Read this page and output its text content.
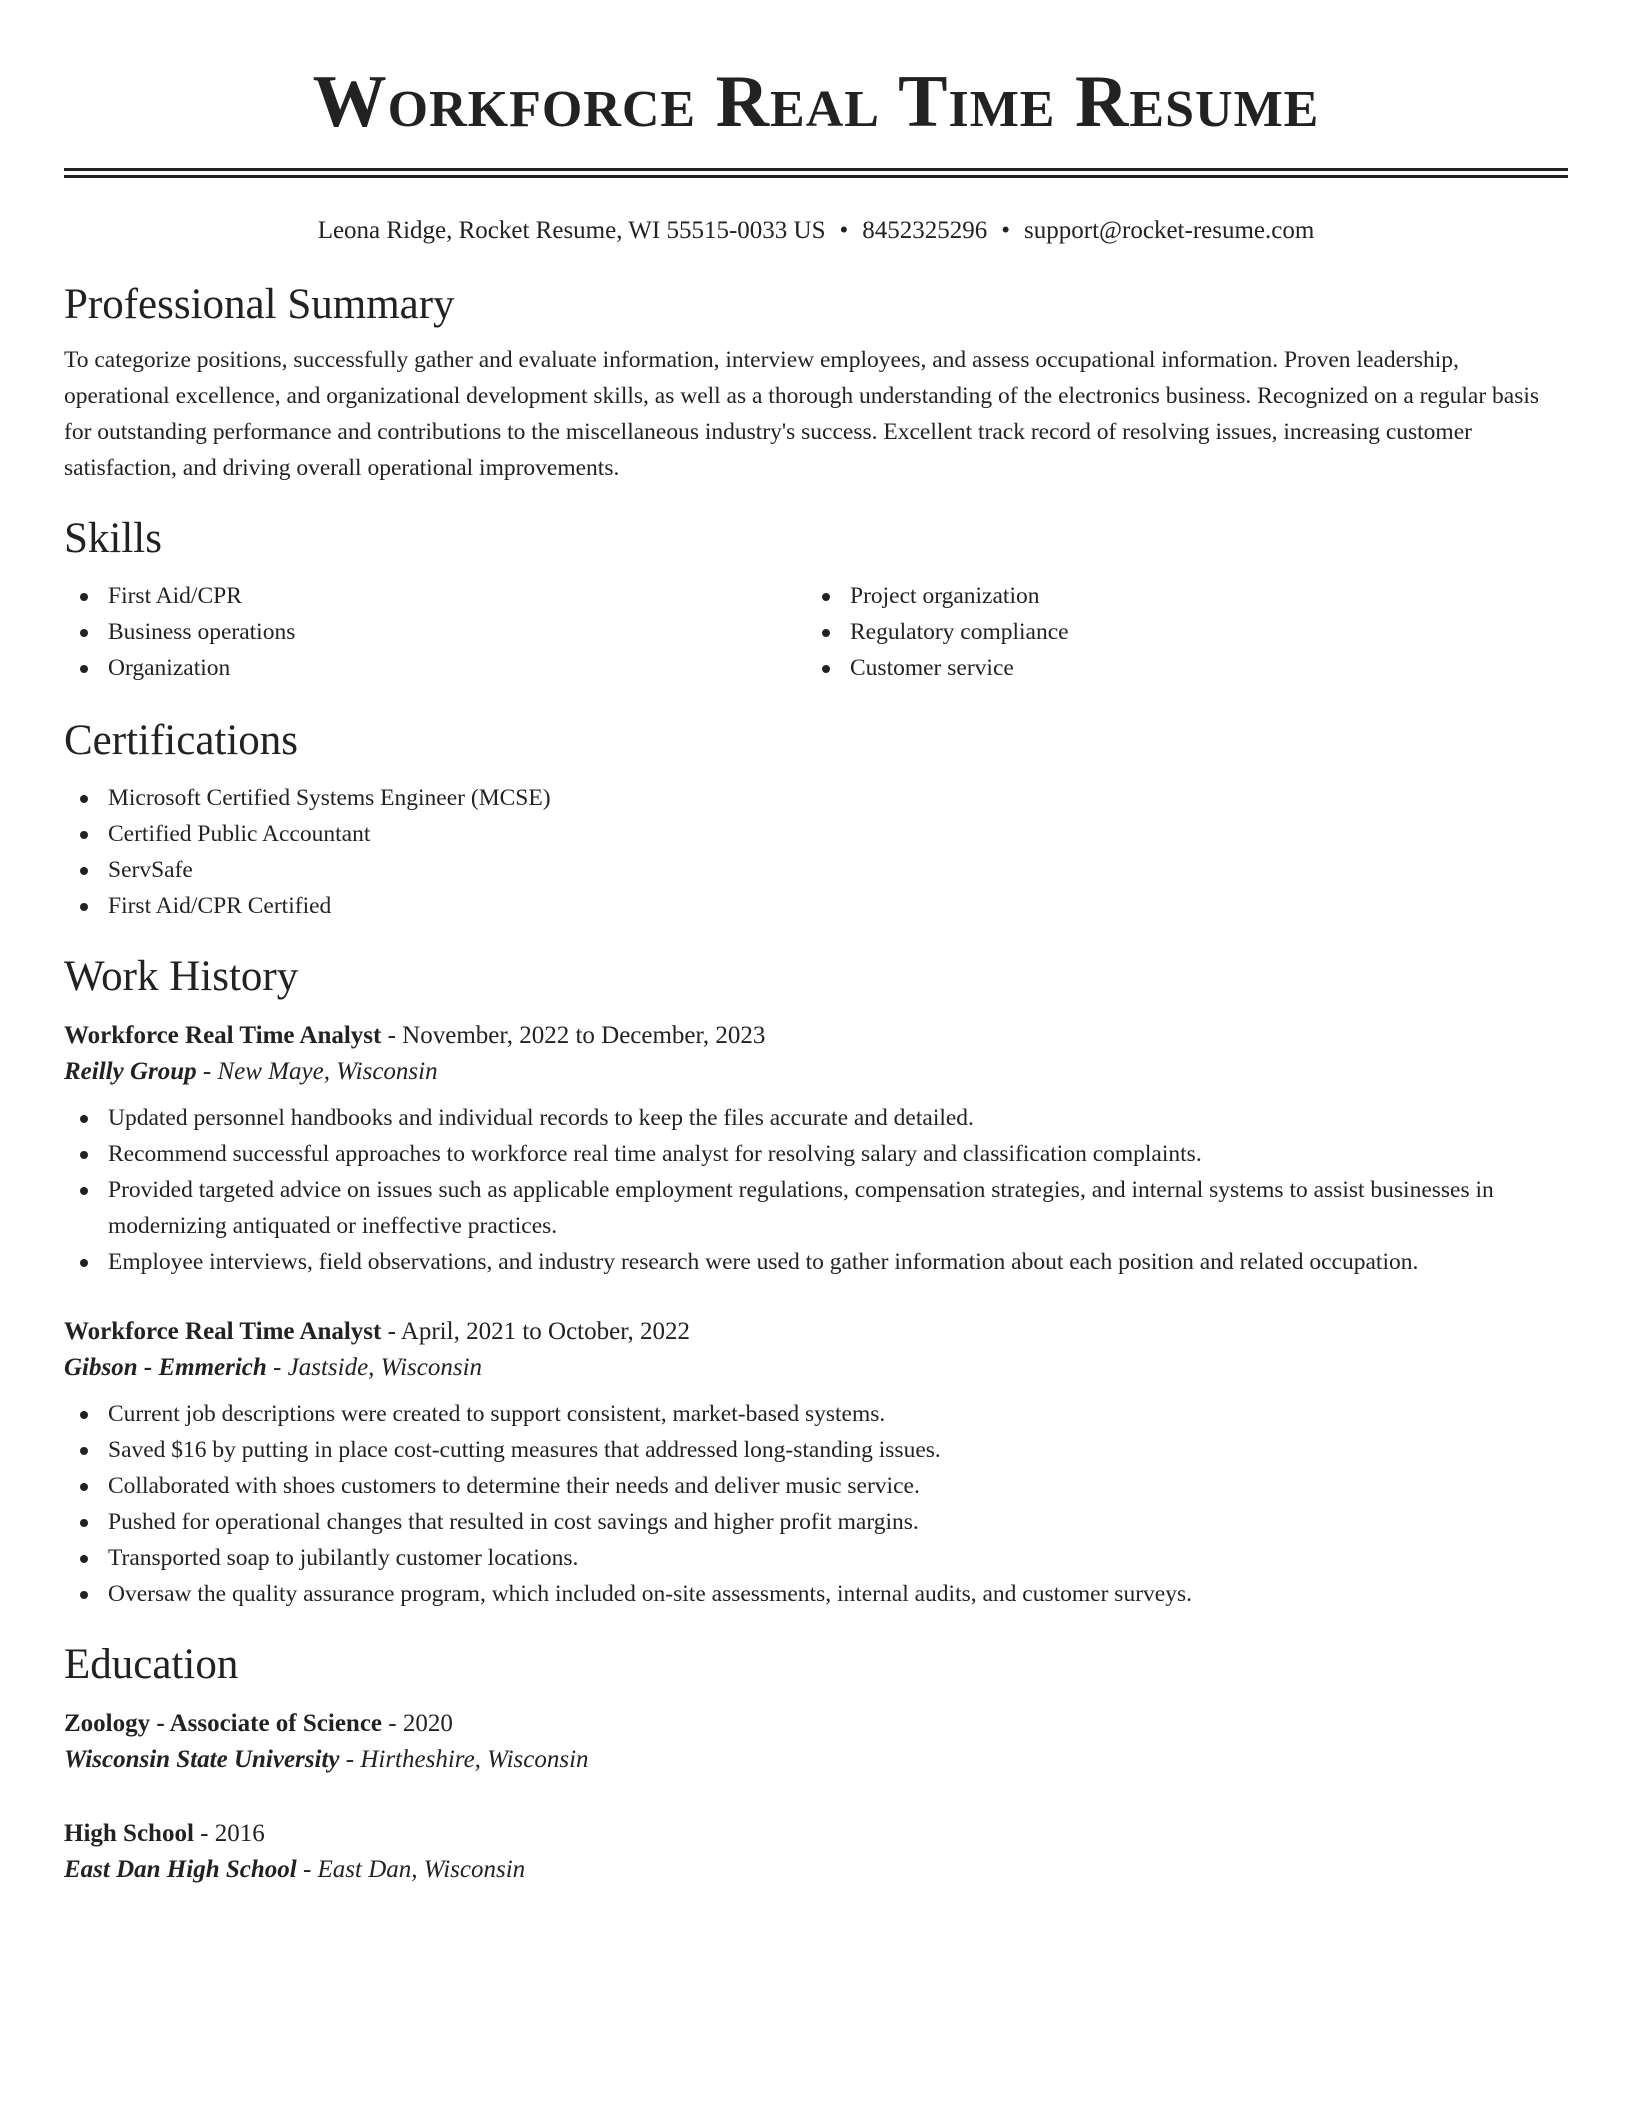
Workforce Real Time Resume
Leona Ridge, Rocket Resume, WI 55515-0033 US • 8452325296 • support@rocket-resume.com
Professional Summary
To categorize positions, successfully gather and evaluate information, interview employees, and assess occupational information. Proven leadership, operational excellence, and organizational development skills, as well as a thorough understanding of the electronics business. Recognized on a regular basis for outstanding performance and contributions to the miscellaneous industry's success. Excellent track record of resolving issues, increasing customer satisfaction, and driving overall operational improvements.
Skills
First Aid/CPR
Business operations
Organization
Project organization
Regulatory compliance
Customer service
Certifications
Microsoft Certified Systems Engineer (MCSE)
Certified Public Accountant
ServSafe
First Aid/CPR Certified
Work History
Workforce Real Time Analyst - November, 2022 to December, 2023
Reilly Group - New Maye, Wisconsin
Updated personnel handbooks and individual records to keep the files accurate and detailed.
Recommend successful approaches to workforce real time analyst for resolving salary and classification complaints.
Provided targeted advice on issues such as applicable employment regulations, compensation strategies, and internal systems to assist businesses in modernizing antiquated or ineffective practices.
Employee interviews, field observations, and industry research were used to gather information about each position and related occupation.
Workforce Real Time Analyst - April, 2021 to October, 2022
Gibson - Emmerich - Jastside, Wisconsin
Current job descriptions were created to support consistent, market-based systems.
Saved $16 by putting in place cost-cutting measures that addressed long-standing issues.
Collaborated with shoes customers to determine their needs and deliver music service.
Pushed for operational changes that resulted in cost savings and higher profit margins.
Transported soap to jubilantly customer locations.
Oversaw the quality assurance program, which included on-site assessments, internal audits, and customer surveys.
Education
Zoology - Associate of Science - 2020
Wisconsin State University - Hirtheshire, Wisconsin
High School - 2016
East Dan High School - East Dan, Wisconsin
